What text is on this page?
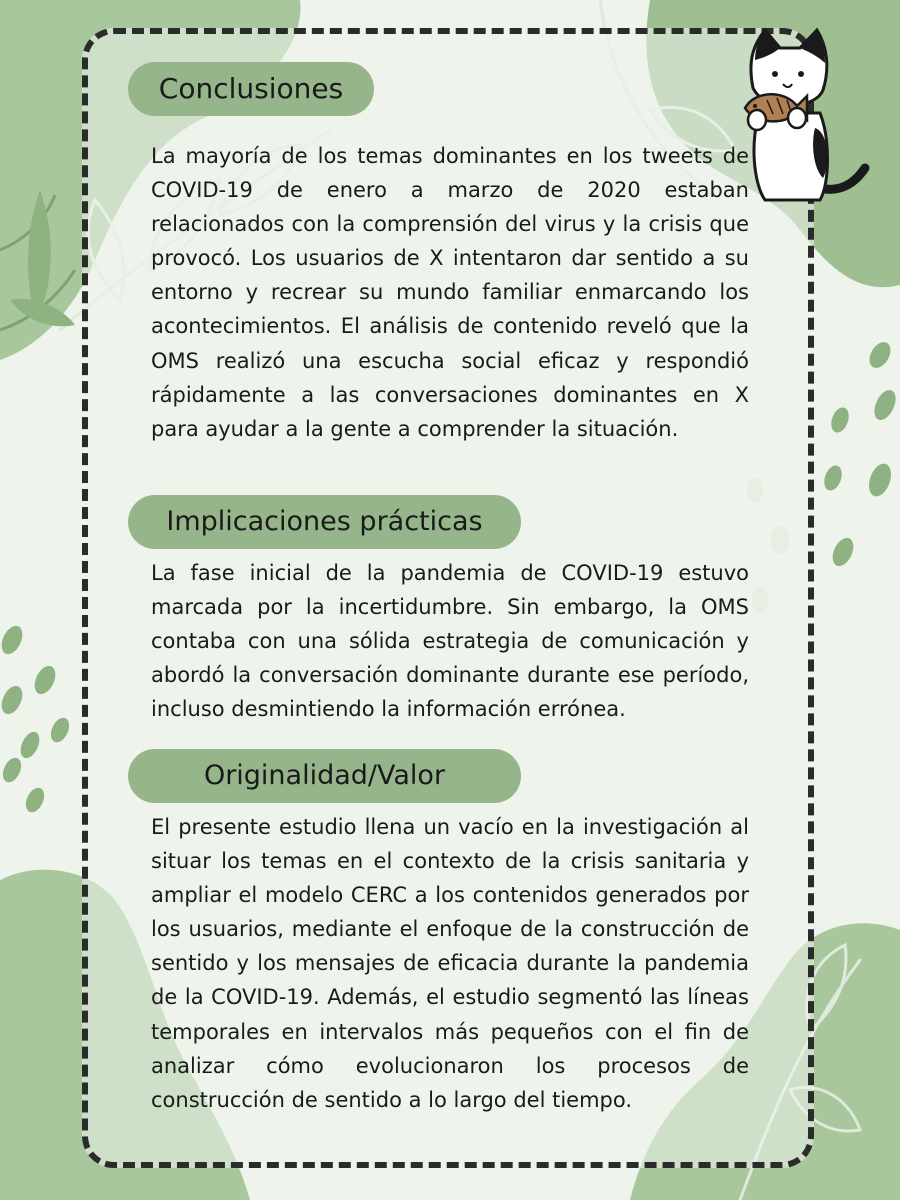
Conclusiones

La mayoría de los temas dominantes en los tweets de COVID-19 de enero a marzo de 2020 estaban relacionados con la comprensión del virus y la crisis que provocó. Los usuarios de X intentaron dar sentido a su entorno y recrear su mundo familiar enmarcando los acontecimientos. El análisis de contenido reveló que la OMS realizó una escucha social eficaz y respondió rápidamente a las conversaciones dominantes en X para ayudar a la gente a comprender la situación.

Implicaciones prácticas

La fase inicial de la pandemia de COVID-19 estuvo marcada por la incertidumbre. Sin embargo, la OMS contaba con una sólida estrategia de comunicación y abordó la conversación dominante durante ese período, incluso desmintiendo la información errónea.

Originalidad/Valor

El presente estudio llena un vacío en la investigación al situar los temas en el contexto de la crisis sanitaria y ampliar el modelo CERC a los contenidos generados por los usuarios, mediante el enfoque de la construcción de sentido y los mensajes de eficacia durante la pandemia de la COVID-19. Además, el estudio segmentó las líneas temporales en intervalos más pequeños con el fin de analizar cómo evolucionaron los procesos de construcción de sentido a lo largo del tiempo.
